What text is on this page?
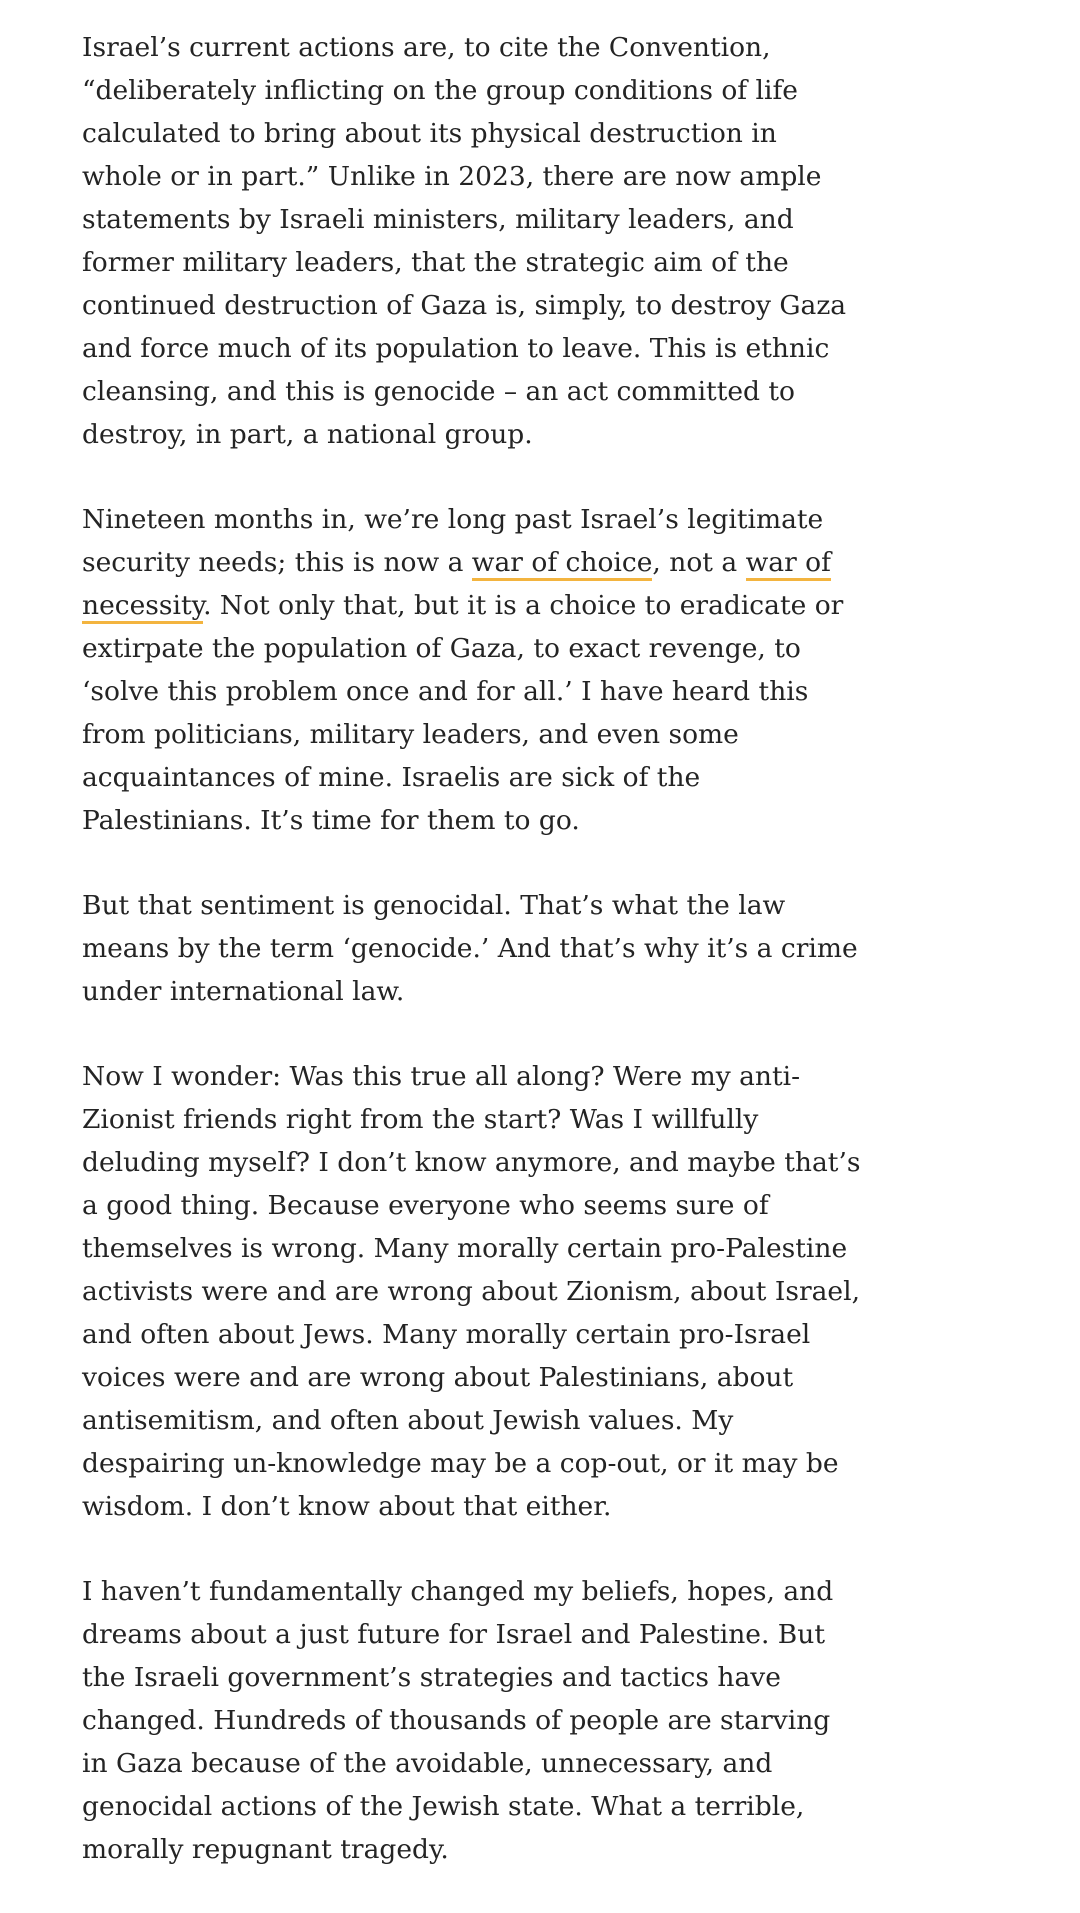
Israel’s current actions are, to cite the Convention, “deliberately inflicting on the group conditions of life calculated to bring about its physical destruction in whole or in part.” Unlike in 2023, there are now ample statements by Israeli ministers, military leaders, and former military leaders, that the strategic aim of the continued destruction of Gaza is, simply, to destroy Gaza and force much of its population to leave. This is ethnic cleansing, and this is genocide – an act committed to destroy, in part, a national group.

Nineteen months in, we’re long past Israel’s legitimate security needs; this is now a war of choice, not a war of necessity. Not only that, but it is a choice to eradicate or extirpate the population of Gaza, to exact revenge, to ‘solve this problem once and for all.’ I have heard this from politicians, military leaders, and even some acquaintances of mine. Israelis are sick of the Palestinians. It’s time for them to go.

But that sentiment is genocidal. That’s what the law means by the term ‘genocide.’ And that’s why it’s a crime under international law.

Now I wonder: Was this true all along? Were my anti-Zionist friends right from the start? Was I willfully deluding myself? I don’t know anymore, and maybe that’s a good thing. Because everyone who seems sure of themselves is wrong. Many morally certain pro-Palestine activists were and are wrong about Zionism, about Israel, and often about Jews. Many morally certain pro-Israel voices were and are wrong about Palestinians, about antisemitism, and often about Jewish values. My despairing un-knowledge may be a cop-out, or it may be wisdom. I don’t know about that either.

I haven’t fundamentally changed my beliefs, hopes, and dreams about a just future for Israel and Palestine. But the Israeli government’s strategies and tactics have changed. Hundreds of thousands of people are starving in Gaza because of the avoidable, unnecessary, and genocidal actions of the Jewish state. What a terrible, morally repugnant tragedy.
